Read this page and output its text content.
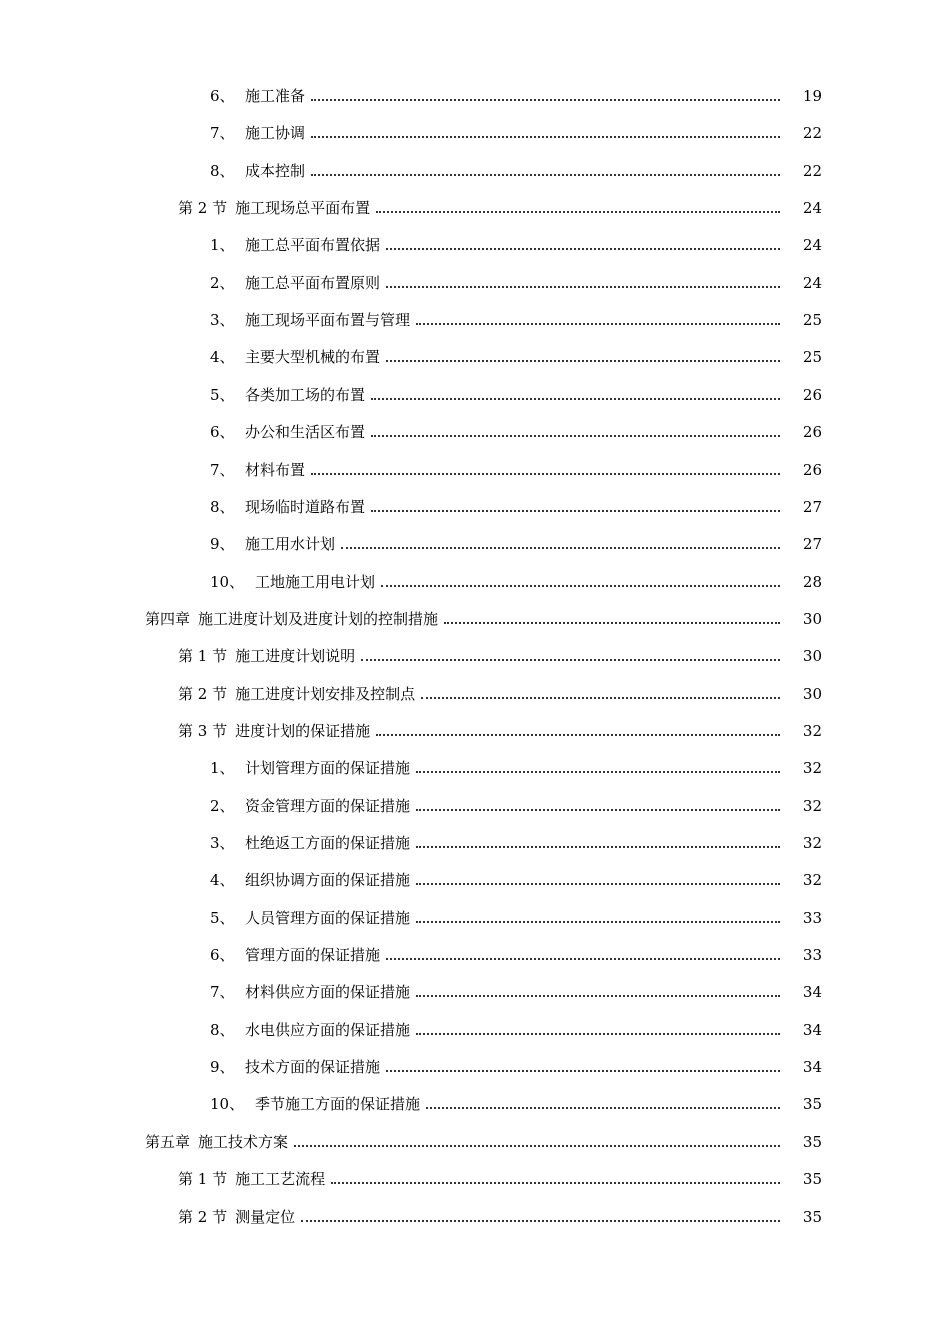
6、 施工准备	19
7、 施工协调	22
8、 成本控制	22
第 2 节 施工现场总平面布置	24
1、 施工总平面布置依据	24
2、 施工总平面布置原则	24
3、 施工现场平面布置与管理	25
4、 主要大型机械的布置	25
5、 各类加工场的布置	26
6、 办公和生活区布置	26
7、 材料布置	26
8、 现场临时道路布置	27
9、 施工用水计划	27
10、 工地施工用电计划	28
第四章 施工进度计划及进度计划的控制措施	30
第 1 节 施工进度计划说明	30
第 2 节 施工进度计划安排及控制点	30
第 3 节 进度计划的保证措施	32
1、 计划管理方面的保证措施	32
2、 资金管理方面的保证措施	32
3、 杜绝返工方面的保证措施	32
4、 组织协调方面的保证措施	32
5、 人员管理方面的保证措施	33
6、 管理方面的保证措施	33
7、 材料供应方面的保证措施	34
8、 水电供应方面的保证措施	34
9、 技术方面的保证措施	34
10、 季节施工方面的保证措施	35
第五章 施工技术方案	35
第 1 节 施工工艺流程	35
第 2 节 测量定位	35
